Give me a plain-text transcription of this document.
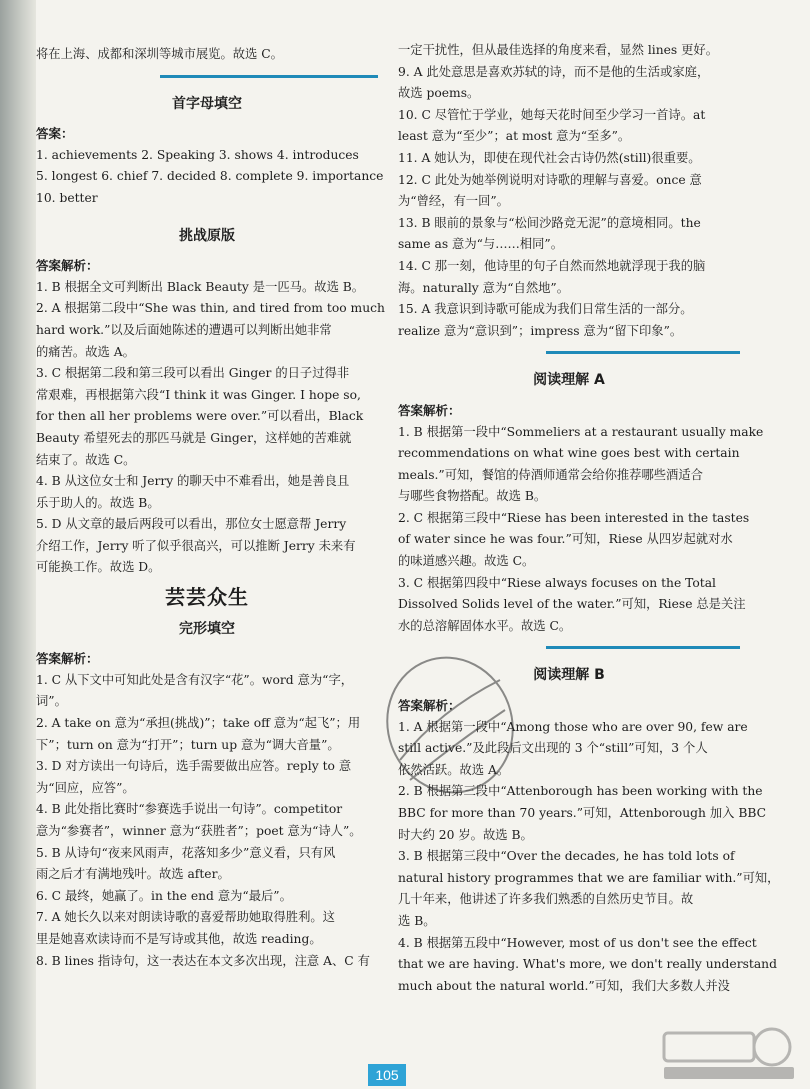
将在上海、成都和深圳等城市展览。故选 C。
首字母填空
答案：
1. achievements 2. Speaking 3. shows 4. introduces
5. longest 6. chief 7. decided 8. complete 9. importance
10. better
挑战原版
答案解析：
1. B 根据全文可判断出 Black Beauty 是一匹马。故选 B。
2. A 根据第二段中“She was thin, and tired from too much
hard work.”以及后面她陈述的遭遇可以判断出她非常
的痛苦。故选 A。
3. C 根据第二段和第三段可以看出 Ginger 的日子过得非
常艰难，再根据第六段“I think it was Ginger. I hope so,
for then all her problems were over.”可以看出，Black
Beauty 希望死去的那匹马就是 Ginger，这样她的苦难就
结束了。故选 C。
4. B 从这位女士和 Jerry 的聊天中不难看出，她是善良且
乐于助人的。故选 B。
5. D 从文章的最后两段可以看出，那位女士愿意帮 Jerry
介绍工作，Jerry 听了似乎很高兴，可以推断 Jerry 未来有
可能换工作。故选 D。
芸芸众生
完形填空
答案解析：
1. C 从下文中可知此处是含有汉字“花”。word 意为“字，
词”。
2. A take on 意为“承担(挑战)”；take off 意为“起飞”；用
下”；turn on 意为“打开”；turn up 意为“调大音量”。
3. D 对方读出一句诗后，选手需要做出应答。reply to 意
为“回应，应答”。
4. B 此处指比赛时“参赛选手说出一句诗”。competitor
意为“参赛者”，winner 意为“获胜者”；poet 意为“诗人”。
5. B 从诗句“夜来风雨声，花落知多少”意义看，只有风
雨之后才有满地残叶。故选 after。
6. C 最终，她赢了。in the end 意为“最后”。
7. A 她长久以来对朗读诗歌的喜爱帮助她取得胜利。这
里是她喜欢读诗而不是写诗或其他，故选 reading。
8. B lines 指诗句，这一表达在本文多次出现，注意 A、C 有
一定干扰性，但从最佳选择的角度来看，显然 lines 更好。
9. A 此处意思是喜欢苏轼的诗，而不是他的生活或家庭，
故选 poems。
10. C 尽管忙于学业，她每天花时间至少学习一首诗。at
least 意为“至少”；at most 意为“至多”。
11. A 她认为，即使在现代社会古诗仍然(still)很重要。
12. C 此处为她举例说明对诗歌的理解与喜爱。once 意
为“曾经，有一回”。
13. B 眼前的景象与“松间沙路竞无泥”的意境相同。the
same as 意为“与……相同”。
14. C 那一刻，他诗里的句子自然而然地就浮现于我的脑
海。naturally 意为“自然地”。
15. A 我意识到诗歌可能成为我们日常生活的一部分。
realize 意为“意识到”；impress 意为“留下印象”。
阅读理解 A
答案解析：
1. B 根据第一段中“Sommeliers at a restaurant usually make
recommendations on what wine goes best with certain
meals.”可知，餐馆的侍酒师通常会给你推荐哪些酒适合
与哪些食物搭配。故选 B。
2. C 根据第三段中“Riese has been interested in the tastes
of water since he was four.”可知，Riese 从四岁起就对水
的味道感兴趣。故选 C。
3. C 根据第四段中“Riese always focuses on the Total
Dissolved Solids level of the water.”可知，Riese 总是关注
水的总溶解固体水平。故选 C。
阅读理解 B
答案解析：
1. A 根据第一段中“Among those who are over 90, few are
still active.”及此段后文出现的 3 个“still”可知，3 个人
依然活跃。故选 A。
2. B 根据第三段中“Attenborough has been working with the
BBC for more than 70 years.”可知，Attenborough 加入 BBC
时大约 20 岁。故选 B。
3. B 根据第三段中“Over the decades, he has told lots of
natural history programmes that we are familiar with.”可知，
几十年来，他讲述了许多我们熟悉的自然历史节目。故
选 B。
4. B 根据第五段中“However, most of us don't see the effect
that we are having. What's more, we don't really understand
much about the natural world.”可知，我们大多数人并没
105
